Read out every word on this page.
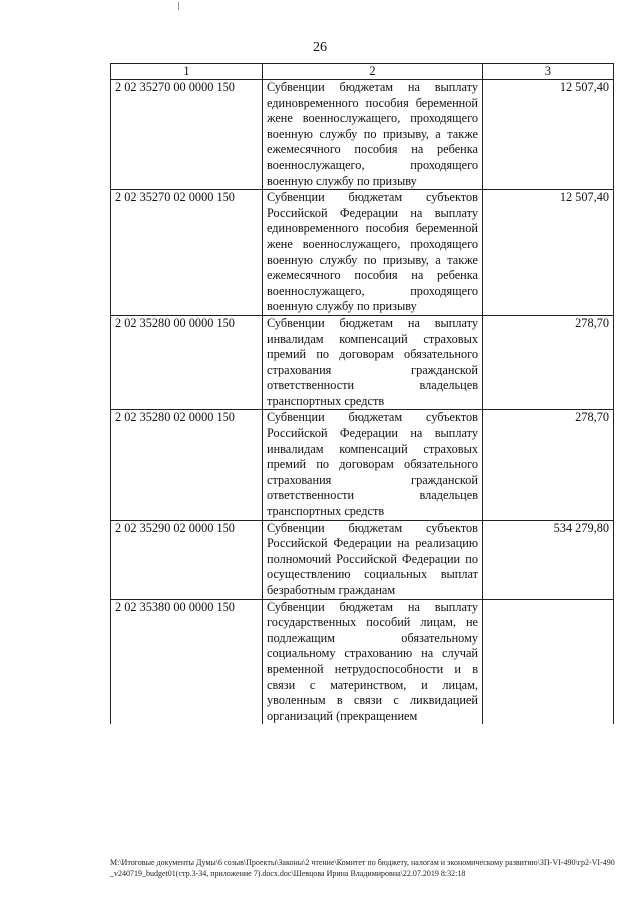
26
1	2	3
2 02 35270 00 0000 150	Субвенции бюджетам на выплату единовременного пособия беременной жене военнослужащего, проходящего военную службу по призыву, а также ежемесячного пособия на ребенка военнослужащего, проходящего военную службу по призыву	12 507,40
2 02 35270 02 0000 150	Субвенции бюджетам субъектов Российской Федерации на выплату единовременного пособия беременной жене военнослужащего, проходящего военную службу по призыву, а также ежемесячного пособия на ребенка военнослужащего, проходящего военную службу по призыву	12 507,40
2 02 35280 00 0000 150	Субвенции бюджетам на выплату инвалидам компенсаций страховых премий по договорам обязательного страхования гражданской ответственности владельцев транспортных средств	278,70
2 02 35280 02 0000 150	Субвенции бюджетам субъектов Российской Федерации на выплату инвалидам компенсаций страховых премий по договорам обязательного страхования гражданской ответственности владельцев транспортных средств	278,70
2 02 35290 02 0000 150	Субвенции бюджетам субъектов Российской Федерации на реализацию полномочий Российской Федерации по осуществлению социальных выплат безработным гражданам	534 279,80
2 02 35380 00 0000 150	Субвенции бюджетам на выплату государственных пособий лицам, не подлежащим обязательному социальному страхованию на случай временной нетрудоспособности и в связи с материнством, и лицам, уволенным в связи с ликвидацией организаций (прекращением	
М:\Итоговые документы Думы\6 созыв\Проекты\Законы\2 чтение\Комитет по бюджету, налогам и экономическому развитию\ЗП-VI-490\гр2-VI-490_v240719_budget01(стр.3-34, приложение 7).docx.doc\Шевцова Ирина Владимировна\22.07.2019 8:32:18
